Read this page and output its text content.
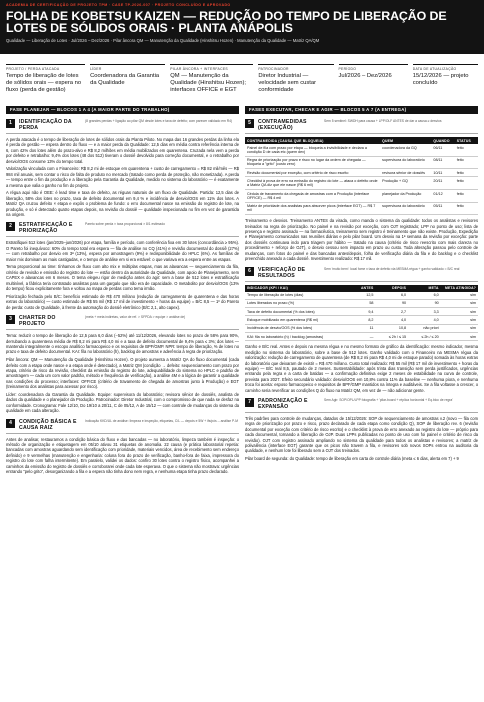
ACADEMIA DE CERTIFICAÇÃO DE PROJETO TPM · CASE TP-2026-007 · PROJETO CONCLUÍDO E APROVADO
FOLHA DE KOBETSU KAIZEN — REDUÇÃO DO TEMPO DE LIBERAÇÃO DE LOTES DE SÓLIDOS ORAIS · PLANTA ANÁPOLIS
Qualidade — Liberação de Lotes · Jul/2026 – Dez/2026 · Pilar âncora QM — Manutenção da Qualidade (Hinshitsu Hozen) · Manutenção da Qualidade — Matriz QA/QM
PROJETO / PERDA ATACADA
Tempo de liberação de lotes de sólidos orais — espera no fluxo (perda de gestão)
LÍDER
Coordenadora da Garantia da Qualidade
PILAR ÂNCORA + INTERFACES
QM — Manutenção da Qualidade (Hinshitsu Hozen); interfaces OFFICE e EGT
PATROCINADOR
Diretor Industrial — velocidade sem custar conformidade
PERÍODO
Jul/2026 – Dez/2026
DATA DE ATUALIZAÇÃO
15/12/2026 — projeto concluído
FASE PLANEJAR — BLOCOS 1 A 4 (A MAIOR PARTE DO TRABALHO)
1	IDENTIFICAÇÃO DA PERDA
(8 grandes perdas + ligação ao pilar QM desde lotes e taxa de defeito; com parecer validado em R4)

A perda atacada é o tempo de liberação de lotes de sólidos orais da Planta Piloto. No mapa das 16 grandes perdas da linha ela é perda de gestão — espera dentro do fluxo — e a maior perda da Qualidade: 12,5 dias em média contra referência interna de 6, com 42% dos lotes além do prazo-alvo e R$ 8,2 milhões em média mobilizados em quarentena. Cruzada nela vem a perda por defeito e retrabalho: 9,4% dos lotes (48 dos 512) tiveram o dossiê devolvido para correção documental, e o retrabalho por desvio/OOS consome 13% do tempo total.

Valorização vinculada com o Financeiro: R$ 8,2 mi de estoque em quarentena + custo de carregamento = R$ 82 mil/mês — R$ 984 mil anuais, sem contar o risco de falta de produto no mercado (tratado como perda de proteção, não monetizada). A perda — tempo entre o fim da produção e a liberação pela Garantia da Qualidade, medido no sistema do laboratório — é exatamente a mesma que valia o ganho no fim do projeto.

A régua aqui não é OEE: é lead time e taxa de defeito, as réguas naturais de um fluxo de Qualidade. Partida: 12,5 dias de liberação, 58% dos lotes no prazo, taxa de defeito documental em 9,4 % e incidência de desvio/OOS em 11% dos lotes. A Matriz QA cruzou defeito × etapa e expôs o problema de fundo: o erro documental nasce na emissão do registro de lote, na produção, e só é detectado quatro etapas depois, na revisão do dossiê — qualidade inspecionada no fim em vez de garantida na origem.

2	ESTRATIFICAÇÃO E PRIORIZAÇÃO
Pareto sobre perda × taxa proporcional × 8/1 estimado

Estratifiquei 512 lotes (jan/2025–jun/2026) por etapa, família e período, com conferência fixa em 30 lotes (concordância ≥ 95%). O Pareto foi inequívoco: 60% do tempo total era espera — fila de análise no CQ (41%) e revisão documental do dossiê (27%) — com retrabalho por desvio em 3ª (13%), espera por amostragem (9%) e redisponibilidade do HPLC (6%). As famílias de maior mix dominam as mais castigadas, e o tempo de análise em si era estável: o que variava era a espera entre as etapas.

Tema proporcional ao time: tínhamos de fluxo com alto mix e múltiplas etapas, mas as alavancas — sequenciamento da fila, critério de revisão e emissão do registro do lote — estão dentro da autoridade da Qualidade, com apoio de Planejamento, sem CAPEX e alavancas em 6 meses. O tema elegeu rigor de medição antes do agir: sem a base de 512 lotes e estratificação multinível, a fábrica teria contratado analistas para um gargalo que não era de capacidade. O metabolito por desvio/OOS (13% do tempo) ficou explicitamente fora e voltou ao mapa de perdas como tema irmão.

Priorização fechada pelo B/C: benefício estimado de R$ 470 mil/ano (redução de carregamento de quarentena e das horas extras do laboratório) — custo estimado de R$ 55 mil (R$ 17 mil de investimento + horas da equipe) = B/C 8,5 — 1º do Pareto de perda: custo de Qualidade, à frente da automação do dossiê eletrônico (B/C 2,1, alto capex).

3	CHARTER DO PROJETO
(meta + meta indiretas, valor de ref. > SFPDA > equipe > análise de)

Tema: reduzir o tempo de liberação de 12,5 para 6,0 dias (−52%) até 11/12/2026, elevando lotes no prazo de 58% para 90%, derrubando a quarentena média de R$ 8,2 mi para R$ 4,0 mi e a taxa de defeito documental de 9,4% para ≤ 3%; dos lotes — mantendo integralmente o escopo analítico farmacopeico e os requisitos de BPF/GMP. NPR: tempo de liberação, % de lotes no prazo e taxa de defeito documental. KAI: fila no laboratório (h), backlog de amostras e aderência à regra de priorização.

Pilar âncora: QM — Manutenção da Qualidade (Hinshitsu Hozen). O projeto aumenta a Matriz QA do fluxo documental (cada defeito com a etapa onde nasce e a etapa onde é detectado), a Matriz QM (condição → defeito: sequenciamento com prazo por etapa, critério de risco da revisão, checklist da emissão do registro do lote, adequabilidade do sistema no HPLC e padrão de amostragem — cada um com valor padrão, método e frequência de verificação), a análise 4M e a lógica de garantir a qualidade nas condições do processo; interfaces: OFFICE (critério de travamento de chegada de amostras junto à Produção) e EGT (treinamento dos analistas para acessar por risco).

Líder: coordenadora da Garantia da Qualidade. Equipe: supervisora do laboratório; revisora sênior de dossiês, analista de dados da qualidade e o planejador da Produção. Patrocinador: Diretor Industrial, com o compromisso de que nada se desfaz na conformidade. Cronograma: Fale 12/10, Do 19/10 a 20/11, C de 05/12, A de 15/12 — com controle de mudanças do sistema da qualidade em cada alteração.

4	CONDIÇÃO BÁSICA E CAUSA RAIZ
Indicação KKD/UL de análise: limpeza e inspeção, etiquetas, C/L — depois e 5W + ifs/pós -- análise P-M

Antes de analisar, restauramos a condição básica do fluxo e das bancadas — no laboratório, limpeza também é inspeção: o método de organização e etiquetagem em 05/10 ativou 31 etiquetas de anomalia. 22 causa (e prática laboratorial repetia: bancadas com amostras aguardando sem identificação com prioridade, materiais vencidos, área de recebimento sem endereço definido) e 9 vermelhas (manutenção e engenharia: coluna fora do prazo de verificação, banho-fora de faixa, impressora do registro do lote com falha intermitente). Em paralelo, validei os dados: confiro 30 lotes contra o registro físico, acompanhei a caminhos da emissão do registro de dossiês e corroborarei onde cada lote esperava. O que o sistema não mostrava: urgências entrando "pelo grito", desorganizando a fila e a espera não tinha dono nem regra, e nenhuma etapa tinha prazo declarado.

FASES EXECUTAR, CHECAR E AGIR — BLOCOS 5 A 7 (A ENTREGA)
5	CONTRAMEDIDAS (EXECUÇÃO)
Sem 5 sentinel: SWDH para causa + LPP/OLF ANTES de dar a causa ≥ desvios
CONTRAMEDIDA (CAUSA QUE BLOQUEIA)	QUEM	QUANDO	STATUS
Painel de fila com prazo por etapa — bloqueia a invisibilidade e declara a condição D de cada etc (quem dev)	coordenadora da GQ	06/11	feito
Regra de priorização por prazo e risco no lugar da ordem de chegada — bloqueia a "grito" (custo zero)	supervisora do laboratório	08/11	feito
Revisão documental por exceção, com critério de risco escrito	revisora sênior de dossiês	10/11	feito
Checklist à prova de erro na emissão do registro do lote — ataca o defeito onde a Matriz QA diz que ele nasce (R$ 6 mil)	Produção + GQ	20/11	feito
Cédula de travamento da chegada de amostras com a Produção (interface OFFICE) — R$ 4 mil	planejador da Produção	01/12	feito
Matriz de prioridade dos analistas para absorver picos (interface EGT) — R$ 7 mil	supervisora do laboratório	05/11	feito

Treinamento e desvios. Treinamento ANTES da virada, como manda o sistema da qualidade: todos os analistas e revisores treinados na regra de priorização. No painel e na revisão por exceção, com OJT registrado; LPP no ponto de uso; lista de presença e registro assinado — na farmacêutica, treinamento sem registro é treinamento que não existe. Produção, Expedição e Planejamento comunicados nas reuniões diárias e pelo pilar board. Um desvio na 1ª semana da revisão por exceção: parte dos dossiês continuava indo para triagem por hábito — tratado na causa (critério de risco reescrito com mais clareza no procedimento + reforço de OJT), o desvio cessou sem impacto em prazo ou custo. Toda alteração passou pelo controle de mudanças, com fotos do painel e das bancadas antes/depois, folha de verificação diária da fila e do backlog e o checklist preenchido anexado a cada dossiê. Investimento realizado: R$ 17 mil.

6	VERIFICAÇÃO DE RESULTADOS
Sem 'muito bem': local fome x taxa de defeito via MESMA régua + ganho validado = B/C real
INDICADOR (KPI / KAI)	ANTES	DEPOIS	META	META ATINGIDA?
Tempo de liberação de lotes (dias)	12,5	6,0	6,0	sim
Lotes liberados no prazo (%)	58	90	90	sim
Taxa de defeito documental (% dos lotes)	9,4	2,7	3,3	sim
Estoque mobilizado em quarentena (R$ mi)	8,2	4,0	4,0	sim
Incidência de desvio/OOS (% dos lotes)	11	10,8	não priori	sim
KAI: fila no laboratório (h) / backlog (amostras)	—	≤ 2h / ≤ 15	≤ 2h / ≤ 20	sim

Ganho e B/C real. Antes e depois na mesma régua e no mesmo formato de gráfico da identificação: mesmo indicador, mesma medição no sistema do laboratório, sobre a base de 512 lotes. Ganho validado com o Financeiro na MESMA régua da valorização: redução de carregamento de quarentena (de R$ 8,2 mi para R$ 4,0 mi de estoque parado) somada às horas extras do laboratório que deixaram de existir = R$ 470 mil/ano. Custo total realizado: R$ 55 mil (R$ 17 mil de investimento + horas da equipe) — B/C real 8,5, pautado de 2 meses. Sustentabilidade: após trinta dias transição sem perda justificados, urgências entrando pela regra e a carta de batidas — a confirmação definitiva exige 2 meses de estabilidade na curva de controle, prevista para 2027. Efeito secundário validado: desvio/OOS em 10,8% contra 11% da baseline — nenhuma piora, e nenhuma troca foi aceita: esposo farmacopeico e requisitos de BPF/GMP mantidos na íntegra e auditáveis. Se a fila voltasse a crescer, o caminho seria reverificar as condições Q do fluxo na Matriz QM, em vez de — não adicionar gente.

7	PADRONIZAÇÃO E EXPANSÃO
Sem Agir: SOP/OPL/LPP fotografia + 'pilar-board + réplica horizontal + Eq.bloc de regra'

Três padrões para controle de mudanças, datados de 15/12/2026: SOP de sequenciamento de amostras v.2 (novo — fila com regra de priorização por prazo e risco, prazo declarado de cada etapa como condição Q), SOP de liberação rev. 6 (revisão documental por exceção com critério de risco escrito) e o checklist à prova de erro anexado ao registro do lote — próprio para cada documental, tornando a liberação de OJP. Duas LPPs publicadas no ponto de uso com foi painel e critério de risco da revisão). OJT com registro assinado ampliando no sistema da qualidade para todos os analistas e revisores; a matriz de polivalência (interface EGT) garante que os picos não travem a fila, e revisores sob novos SOPs entrou na auditoria da qualidade, e nenhum lote foi liberado sem a OJT dos treinados.

Pilar board de segunda: do Qualidade: tempo de liberação em carta de controle diária (meta ≤ 6 dias, alerta em 7) + 9
